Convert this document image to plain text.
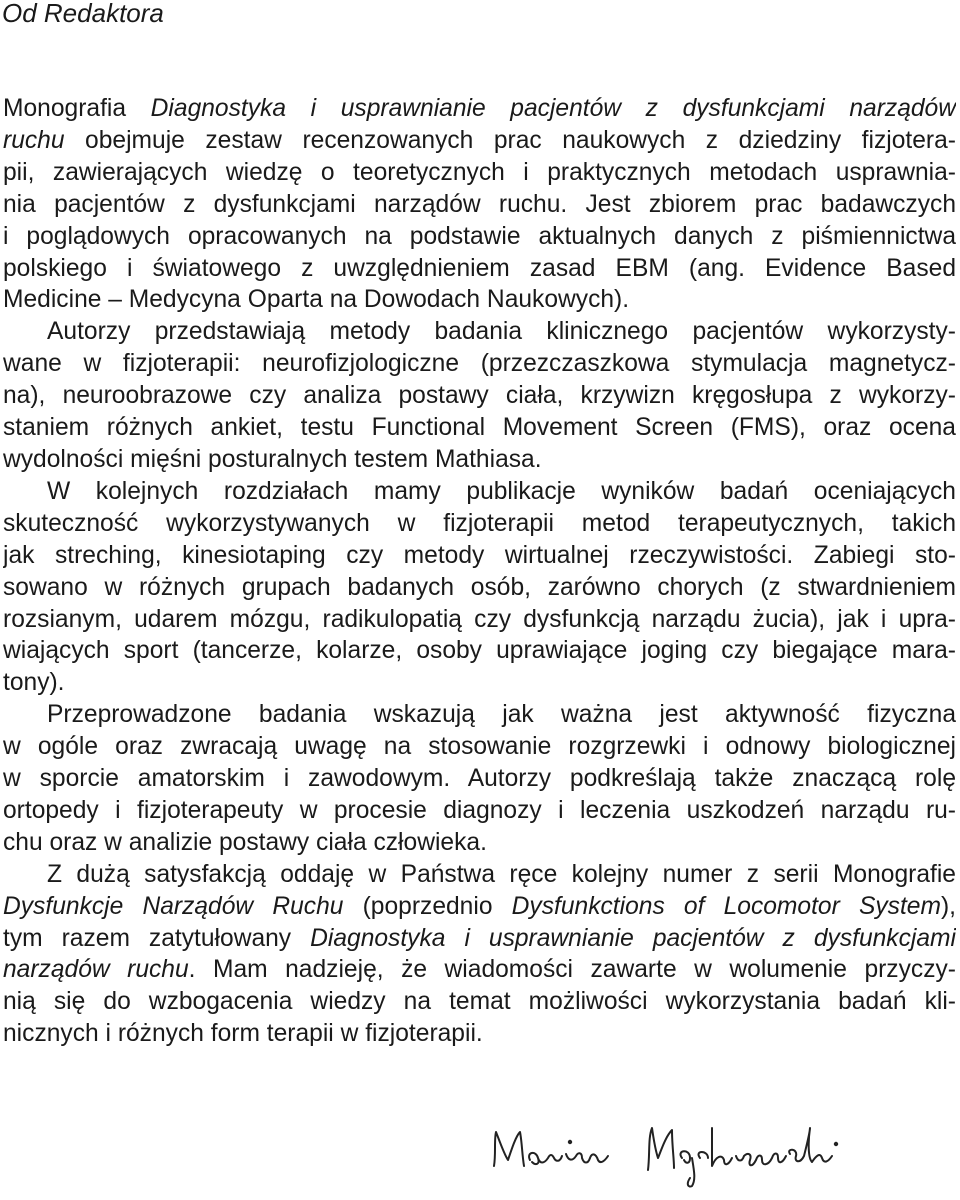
Od Redaktora

Monografia Diagnostyka i usprawnianie pacjentów z dysfunkcjami narządów
ruchu obejmuje zestaw recenzowanych prac naukowych z dziedziny fizjotera-
pii, zawierających wiedzę o teoretycznych i praktycznych metodach usprawnia-
nia pacjentów z dysfunkcjami narządów ruchu. Jest zbiorem prac badawczych
i poglądowych opracowanych na podstawie aktualnych danych z piśmiennictwa
polskiego i światowego z uwzględnieniem zasad EBM (ang. Evidence Based
Medicine – Medycyna Oparta na Dowodach Naukowych).

Autorzy przedstawiają metody badania klinicznego pacjentów wykorzysty-
wane w fizjoterapii: neurofizjologiczne (przezczaszkowa stymulacja magnetycz-
na), neuroobrazowe czy analiza postawy ciała, krzywizn kręgosłupa z wykorzy-
staniem różnych ankiet, testu Functional Movement Screen (FMS), oraz ocena
wydolności mięśni posturalnych testem Mathiasa.

W kolejnych rozdziałach mamy publikacje wyników badań oceniających
skuteczność wykorzystywanych w fizjoterapii metod terapeutycznych, takich
jak streching, kinesiotaping czy metody wirtualnej rzeczywistości. Zabiegi sto-
sowano w różnych grupach badanych osób, zarówno chorych (z stwardnieniem
rozsianym, udarem mózgu, radikulopatią czy dysfunkcją narządu żucia), jak i upra-
wiających sport (tancerze, kolarze, osoby uprawiające joging czy biegające mara-
tony).

Przeprowadzone badania wskazują jak ważna jest aktywność fizyczna
w ogóle oraz zwracają uwagę na stosowanie rozgrzewki i odnowy biologicznej
w sporcie amatorskim i zawodowym. Autorzy podkreślają także znaczącą rolę
ortopedy i fizjoterapeuty w procesie diagnozy i leczenia uszkodzeń narządu ru-
chu oraz w analizie postawy ciała człowieka.

Z dużą satysfakcją oddaję w Państwa ręce kolejny numer z serii Monografie
Dysfunkcje Narządów Ruchu (poprzednio Dysfunkctions of Locomotor System),
tym razem zatytułowany Diagnostyka i usprawnianie pacjentów z dysfunkcjami
narządów ruchu. Mam nadzieję, że wiadomości zawarte w wolumenie przyczy-
nią się do wzbogacenia wiedzy na temat możliwości wykorzystania badań kli-
nicznych i różnych form terapii w fizjoterapii.
